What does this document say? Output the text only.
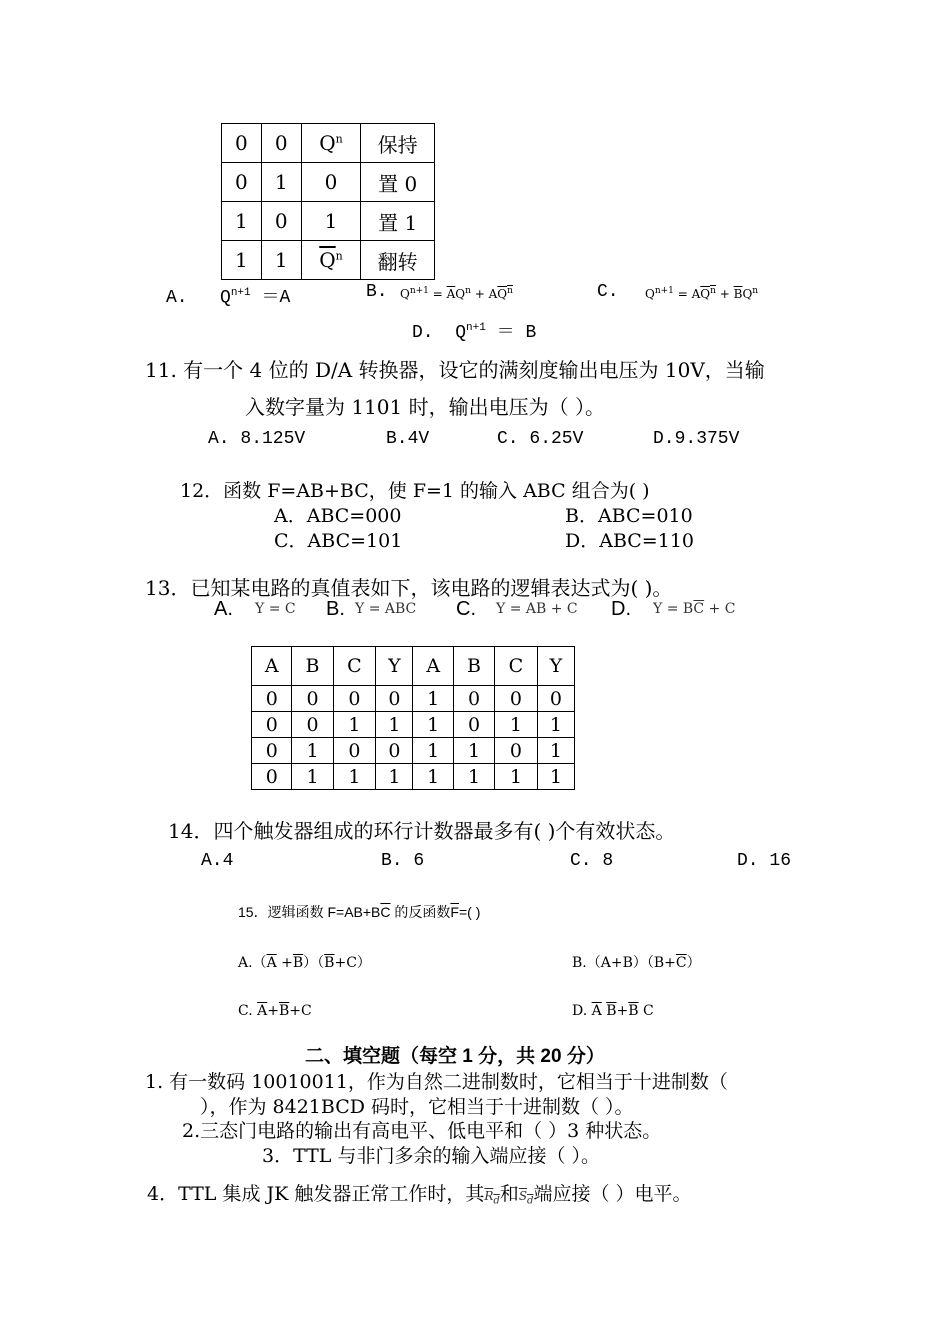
0	0	$Q^n$	保持
0	1	0	置 0
1	0	1	置 1
1	1	$\overline{Q}^n$	翻转
A. $Q^{n+1} =A$	B. $Q^{n+1} = \overline{A}Q^n + AQ^n$	C. $Q^{n+1} = AQ^n + \overline{B}Q^n$
D. $Q^{n+1} = B$
11. 有一个 4 位的 D/A 转换器，设它的满刻度输出电压为 10V，当输
入数字量为 1101 时，输出电压为（ ）。
A. 8.125V	B.4V	C. 6.25V	D.9.375V
12．函数 F=AB+BC，使 F=1 的输入 ABC 组合为( )
A．ABC=000	B．ABC=010
C．ABC=101	D．ABC=110
13．已知某电路的真值表如下，该电路的逻辑表达式为( )。
A. Y = C B. Y = ABC C. Y = AB + C D. $Y = B\overline{C} + C$
A	B	C	Y	A	B	C	Y
0	0	0	0	1	0	0	0
0	0	1	1	1	0	1	1
0	1	0	0	1	1	0	1
0	1	1	1	1	1	1	1
14．四个触发器组成的环行计数器最多有( )个有效状态。
A.4	B. 6	C. 8	D. 16
15．逻辑函数 $F=AB+B\overline{C}$ 的反函数$\overline{F}=$( )
$A.(\overline{A} +\overline{B})(\overline{B}+C)$	$B.(A+B)(B+\overline{C})$
C. $\overline{A}+\overline{B}+C$	D. $\overline{A}$ $\overline{B}+\overline{B}$ C
二、填空题（每空 1 分，共 20 分）
1. 有一数码 10010011，作为自然二进制数时，它相当于十进制数（
），作为 8421BCD 码时，它相当于十进制数（ ）。
2.三态门电路的输出有高电平、低电平和（ ）3 种状态。
3．TTL 与非门多余的输入端应接（ ）。
4．TTL 集成 JK 触发器正常工作时，其$R_d$和$S_d$端应接（ ）电平。
